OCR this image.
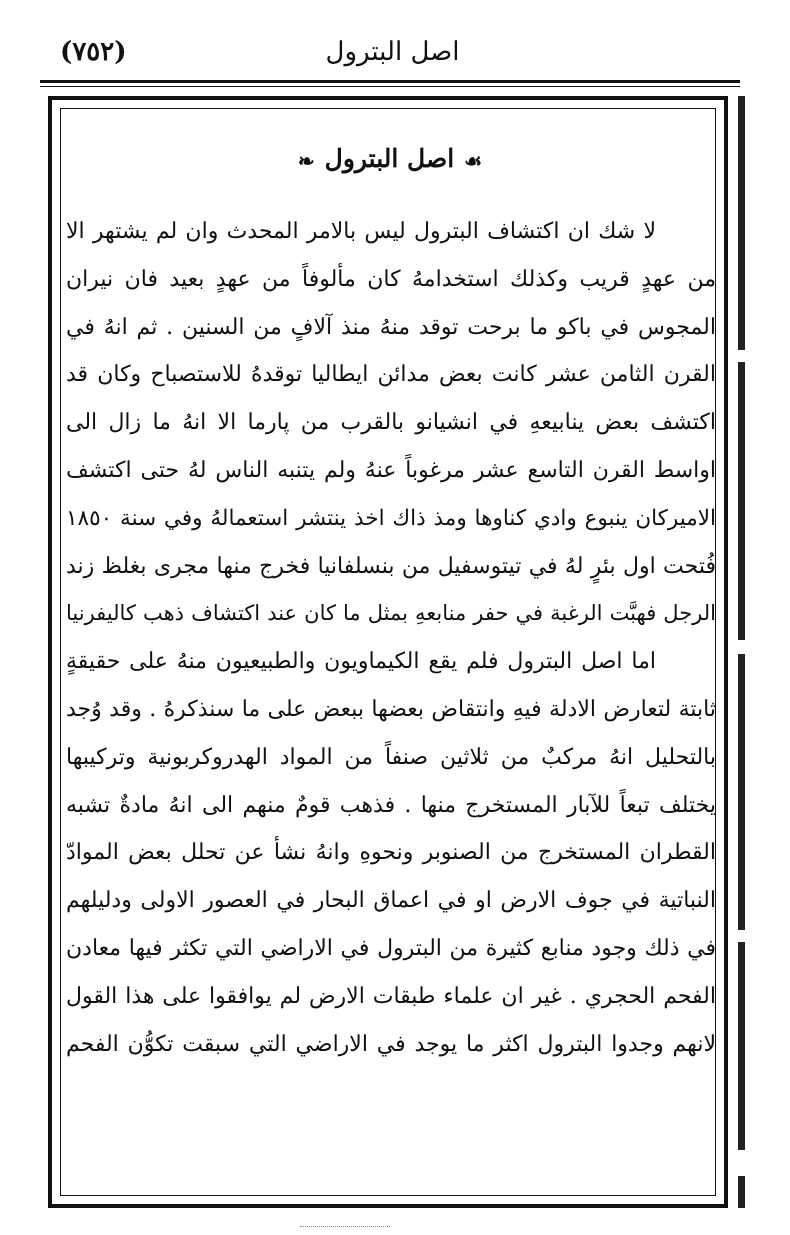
اصل البترول
(٧٥٢)
☙اصل البترول❧
لا شك ان اكتشاف البترول ليس بالامر المحدث وان لم يشتهر الا
من عهدٍ قريب وكذلك استخدامهُ كان مألوفاً من عهدٍ بعيد فان نيران
المجوس في باكو ما برحت توقد منهُ منذ آلافٍ من السنين . ثم انهُ في
القرن الثامن عشر كانت بعض مدائن ايطاليا توقدهُ للاستصباح وكان قد
اكتشف بعض ينابيعهِ في انشيانو بالقرب من پارما الا انهُ ما زال الى
اواسط القرن التاسع عشر مرغوباً عنهُ ولم يتنبه الناس لهُ حتى اكتشف
الاميركان ينبوع وادي كناوها ومذ ذاك اخذ ينتشر استعمالهُ وفي سنة ١٨٥٠
فُتحت اول بئرٍ لهُ في تيتوسفيل من بنسلفانيا فخرج منها مجرى بغلظ زند
الرجل فهبَّت الرغبة في حفر منابعهِ بمثل ما كان عند اكتشاف ذهب كاليفرنيا
اما اصل البترول فلم يقع الكيماويون والطبيعيون منهُ على حقيقةٍ
ثابتة لتعارض الادلة فيهِ وانتقاض بعضها ببعض على ما سنذكرهُ . وقد وُجد
بالتحليل انهُ مركبٌ من ثلاثين صنفاً من المواد الهدروكربونية وتركيبها
يختلف تبعاً للآبار المستخرج منها . فذهب قومٌ منهم الى انهُ مادةٌ تشبه
القطران المستخرج من الصنوبر ونحوهِ وانهُ نشأ عن تحلل بعض الموادّ
النباتية في جوف الارض او في اعماق البحار في العصور الاولى ودليلهم
في ذلك وجود منابع كثيرة من البترول في الاراضي التي تكثر فيها معادن
الفحم الحجري . غير ان علماء طبقات الارض لم يوافقوا على هذا القول
لانهم وجدوا البترول اكثر ما يوجد في الاراضي التي سبقت تكوُّن الفحم
